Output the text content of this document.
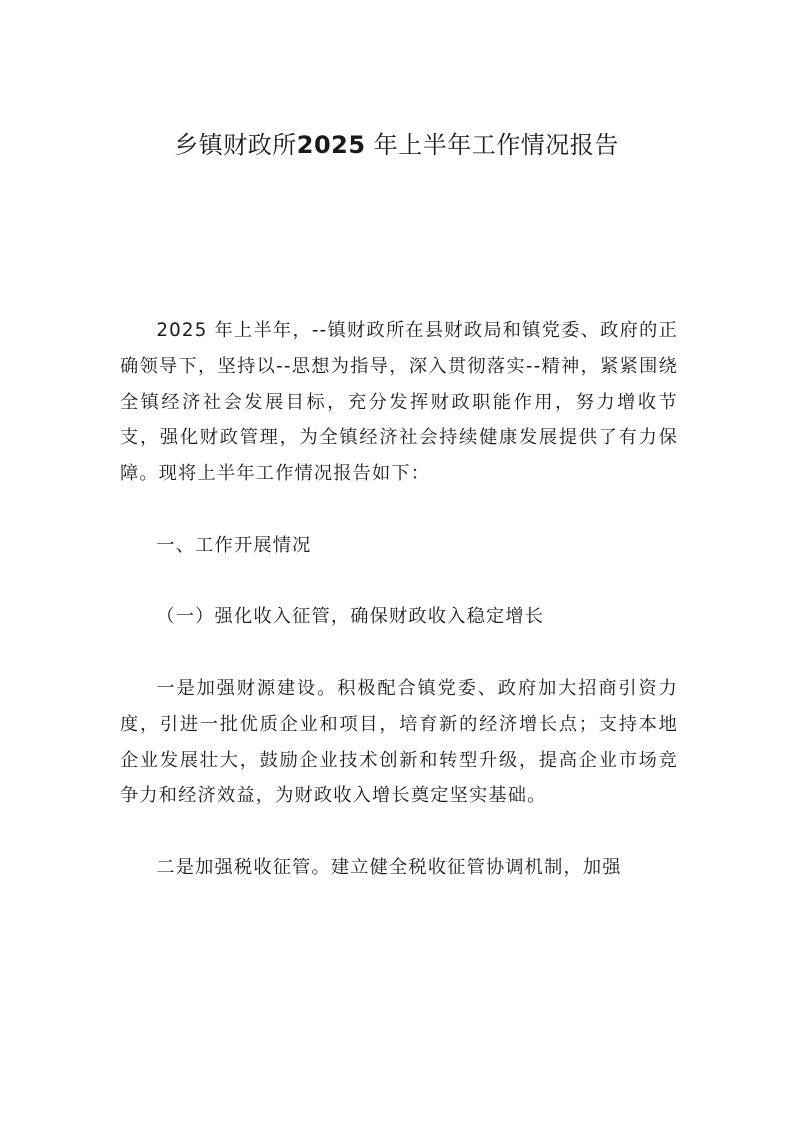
乡镇财政所2025 年上半年工作情况报告

2025 年上半年，--镇财政所在县财政局和镇党委、政府的正确领导下，坚持以--思想为指导，深入贯彻落实--精神，紧紧围绕全镇经济社会发展目标，充分发挥财政职能作用，努力增收节支，强化财政管理，为全镇经济社会持续健康发展提供了有力保障。现将上半年工作情况报告如下：

一、工作开展情况

（一）强化收入征管，确保财政收入稳定增长

一是加强财源建设。积极配合镇党委、政府加大招商引资力度，引进一批优质企业和项目，培育新的经济增长点；支持本地企业发展壮大，鼓励企业技术创新和转型升级，提高企业市场竞争力和经济效益，为财政收入增长奠定坚实基础。

二是加强税收征管。建立健全税收征管协调机制，加强
